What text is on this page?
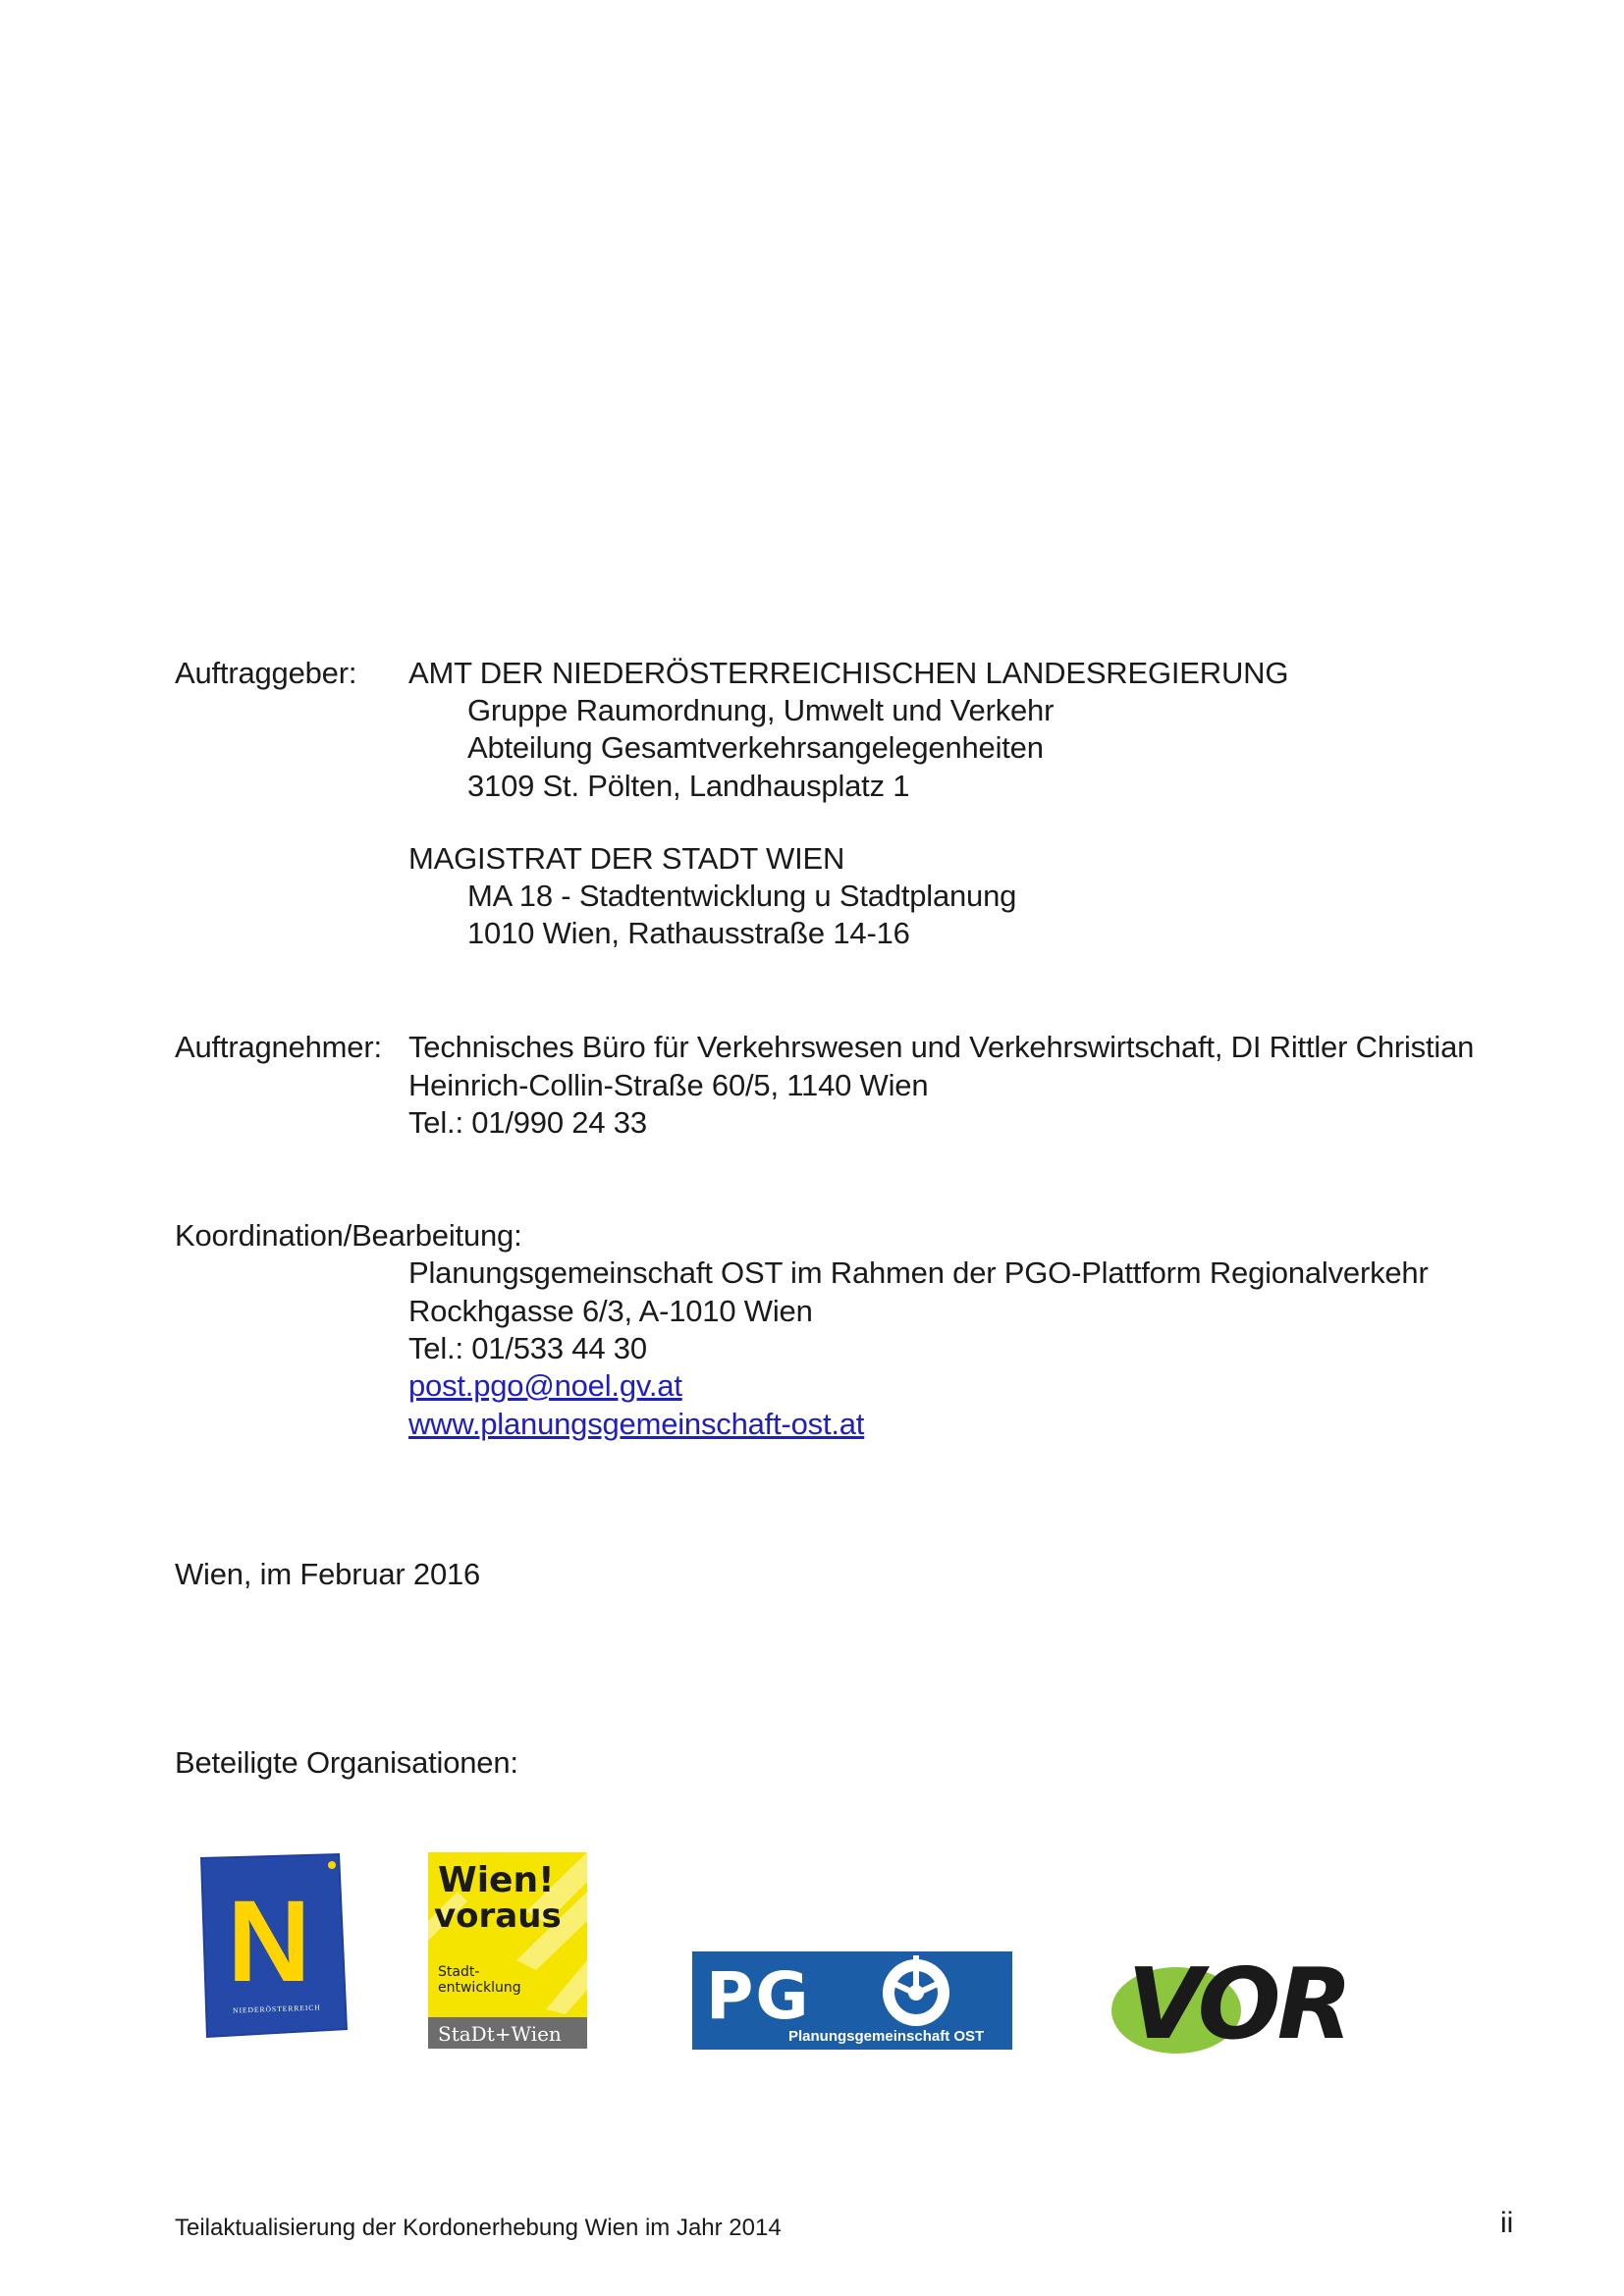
Auftraggeber: AMT DER NIEDERÖSTERREICHISCHEN LANDESREGIERUNG
Gruppe Raumordnung, Umwelt und Verkehr
Abteilung Gesamtverkehrsangelegenheiten
3109 St. Pölten, Landhausplatz 1
MAGISTRAT DER STADT WIEN
MA 18 - Stadtentwicklung u Stadtplanung
1010 Wien, Rathausstraße 14-16
Auftragnehmer: Technisches Büro für Verkehrswesen und Verkehrswirtschaft, DI Rittler Christian
Heinrich-Collin-Straße 60/5, 1140 Wien
Tel.: 01/990 24 33
Koordination/Bearbeitung:
Planungsgemeinschaft OST im Rahmen der PGO-Plattform Regionalverkehr
Rockhgasse 6/3, A-1010 Wien
Tel.: 01/533 44 30
post.pgo@noel.gv.at
www.planungsgemeinschaft-ost.at
Wien, im Februar 2016
Beteiligte Organisationen:
N
NIEDERÖSTERREICH
Wien!
voraus
Stadt-
entwicklung
StaDt+Wien PG
Planungsgemeinschaft OST VOR
Teilaktualisierung der Kordonerhebung Wien im Jahr 2014	ii
